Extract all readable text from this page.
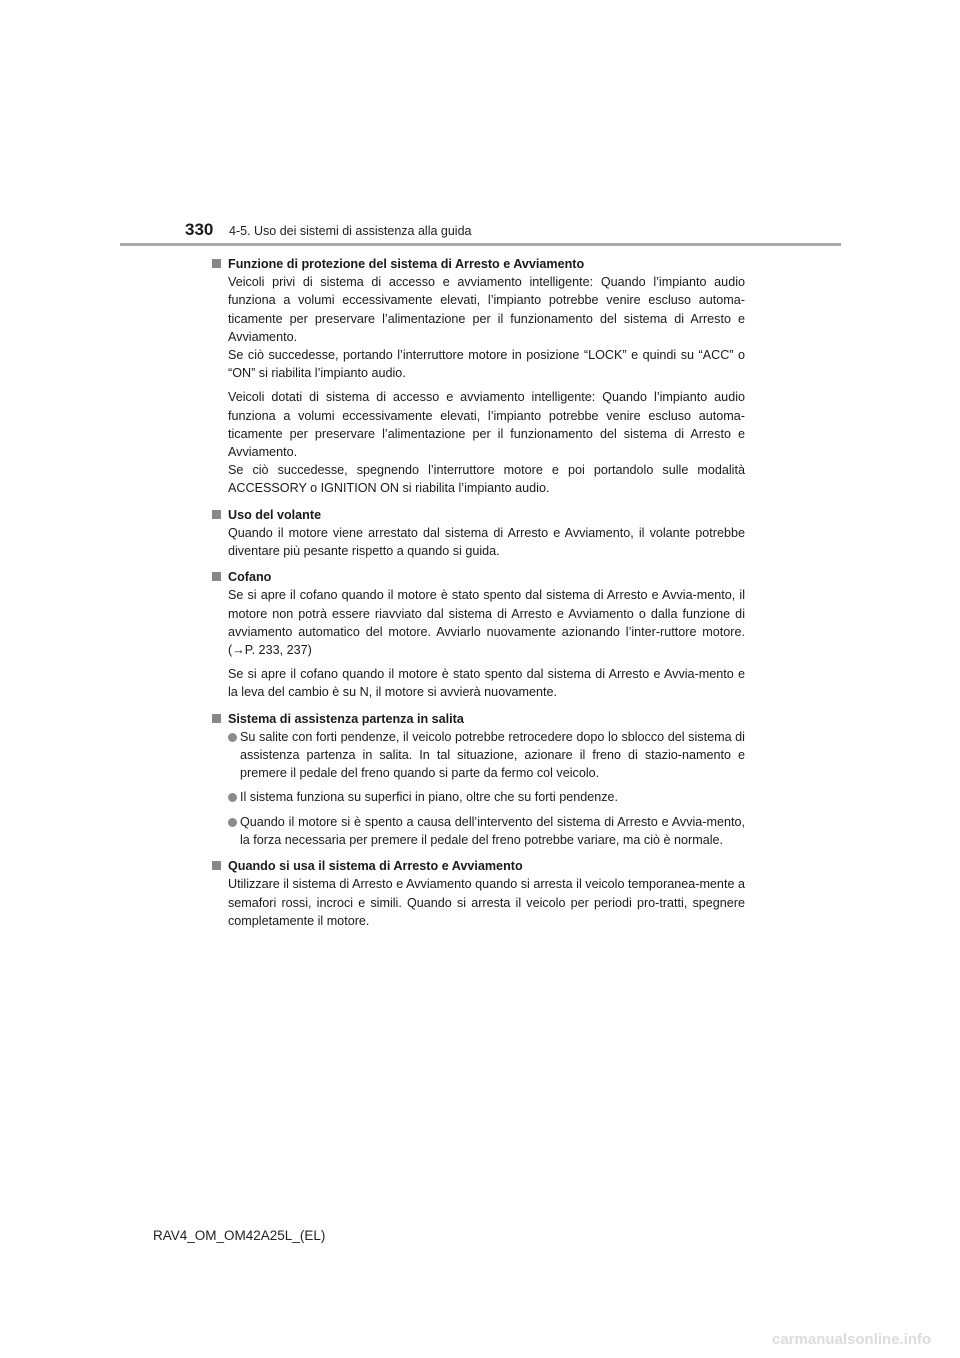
330 4-5. Uso dei sistemi di assistenza alla guida
Funzione di protezione del sistema di Arresto e Avviamento
Veicoli privi di sistema di accesso e avviamento intelligente: Quando l’impianto audio funziona a volumi eccessivamente elevati, l’impianto potrebbe venire escluso automa-ticamente per preservare l’alimentazione per il funzionamento del sistema di Arresto e Avviamento.
Se ciò succedesse, portando l’interruttore motore in posizione “LOCK” e quindi su “ACC” o “ON” si riabilita l’impianto audio.
Veicoli dotati di sistema di accesso e avviamento intelligente: Quando l’impianto audio funziona a volumi eccessivamente elevati, l’impianto potrebbe venire escluso automa-ticamente per preservare l’alimentazione per il funzionamento del sistema di Arresto e Avviamento.
Se ciò succedesse, spegnendo l’interruttore motore e poi portandolo sulle modalità ACCESSORY o IGNITION ON si riabilita l’impianto audio.
Uso del volante
Quando il motore viene arrestato dal sistema di Arresto e Avviamento, il volante potrebbe diventare più pesante rispetto a quando si guida.
Cofano
Se si apre il cofano quando il motore è stato spento dal sistema di Arresto e Avvia-mento, il motore non potrà essere riavviato dal sistema di Arresto e Avviamento o dalla funzione di avviamento automatico del motore. Avviarlo nuovamente azionando l’inter-ruttore motore. (→P. 233, 237)
Se si apre il cofano quando il motore è stato spento dal sistema di Arresto e Avvia-mento e la leva del cambio è su N, il motore si avvierà nuovamente.
Sistema di assistenza partenza in salita
Su salite con forti pendenze, il veicolo potrebbe retrocedere dopo lo sblocco del sistema di assistenza partenza in salita. In tal situazione, azionare il freno di stazio-namento e premere il pedale del freno quando si parte da fermo col veicolo.
Il sistema funziona su superfici in piano, oltre che su forti pendenze.
Quando il motore si è spento a causa dell’intervento del sistema di Arresto e Avvia-mento, la forza necessaria per premere il pedale del freno potrebbe variare, ma ciò è normale.
Quando si usa il sistema di Arresto e Avviamento
Utilizzare il sistema di Arresto e Avviamento quando si arresta il veicolo temporanea-mente a semafori rossi, incroci e simili. Quando si arresta il veicolo per periodi pro-tratti, spegnere completamente il motore.
RAV4_OM_OM42A25L_(EL)
carmanualsonline.info
